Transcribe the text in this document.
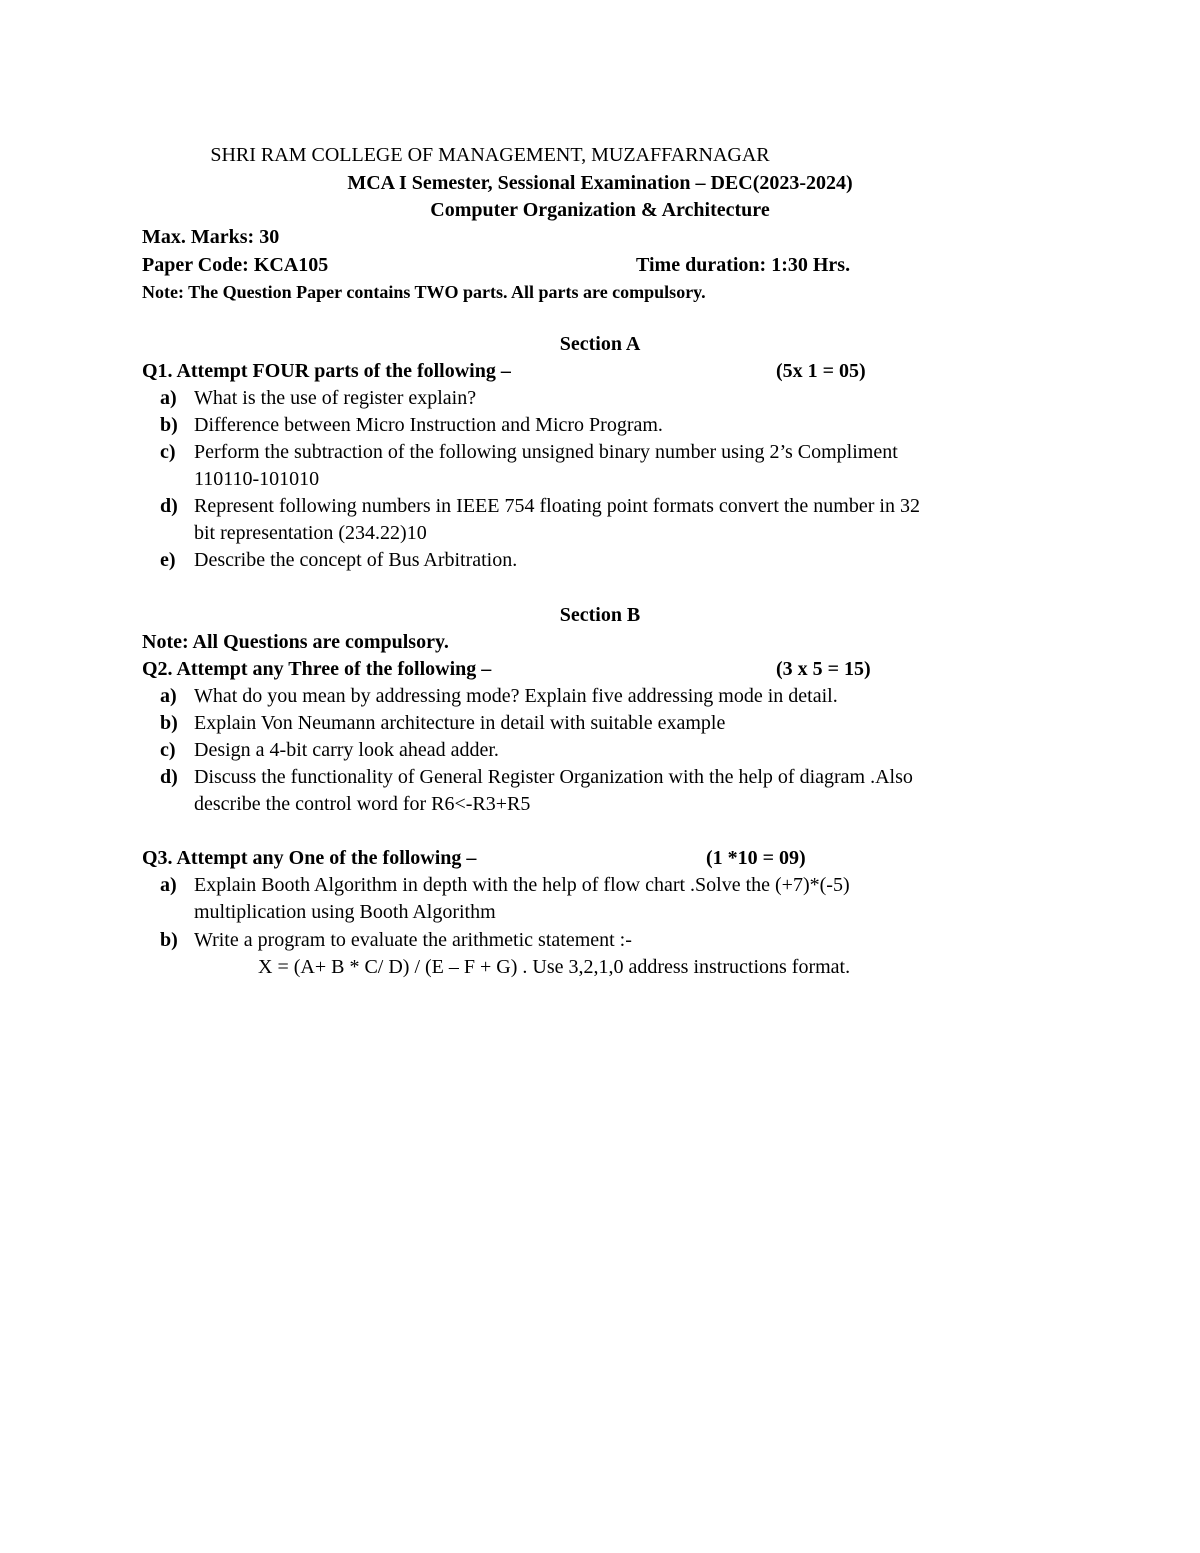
SHRI RAM COLLEGE OF MANAGEMENT, MUZAFFARNAGAR
MCA I Semester, Sessional Examination – DEC(2023-2024)
Computer Organization & Architecture
Max. Marks: 30
Paper Code: KCA105	Time duration: 1:30 Hrs.
Note: The Question Paper contains TWO parts. All parts are compulsory.
Section A
Q1. Attempt FOUR parts of the following –	(5x 1 = 05)
a) What is the use of register explain?
b) Difference between Micro Instruction and Micro Program.
c) Perform the subtraction of the following unsigned binary number using 2’s Compliment
110110-101010
d) Represent following numbers in IEEE 754 floating point formats convert the number in 32
bit representation (234.22)10
e) Describe the concept of Bus Arbitration.
Section B
Note: All Questions are compulsory.
Q2. Attempt any Three of the following –	(3 x 5 = 15)
a) What do you mean by addressing mode? Explain five addressing mode in detail.
b) Explain Von Neumann architecture in detail with suitable example
c) Design a 4-bit carry look ahead adder.
d) Discuss the functionality of General Register Organization with the help of diagram .Also
describe the control word for R6<-R3+R5
Q3. Attempt any One of the following –	(1 *10 = 09)
a) Explain Booth Algorithm in depth with the help of flow chart .Solve the (+7)*(-5)
multiplication using Booth Algorithm
b) Write a program to evaluate the arithmetic statement :-
X = (A+ B * C/ D) / (E – F + G) . Use 3,2,1,0 address instructions format.
